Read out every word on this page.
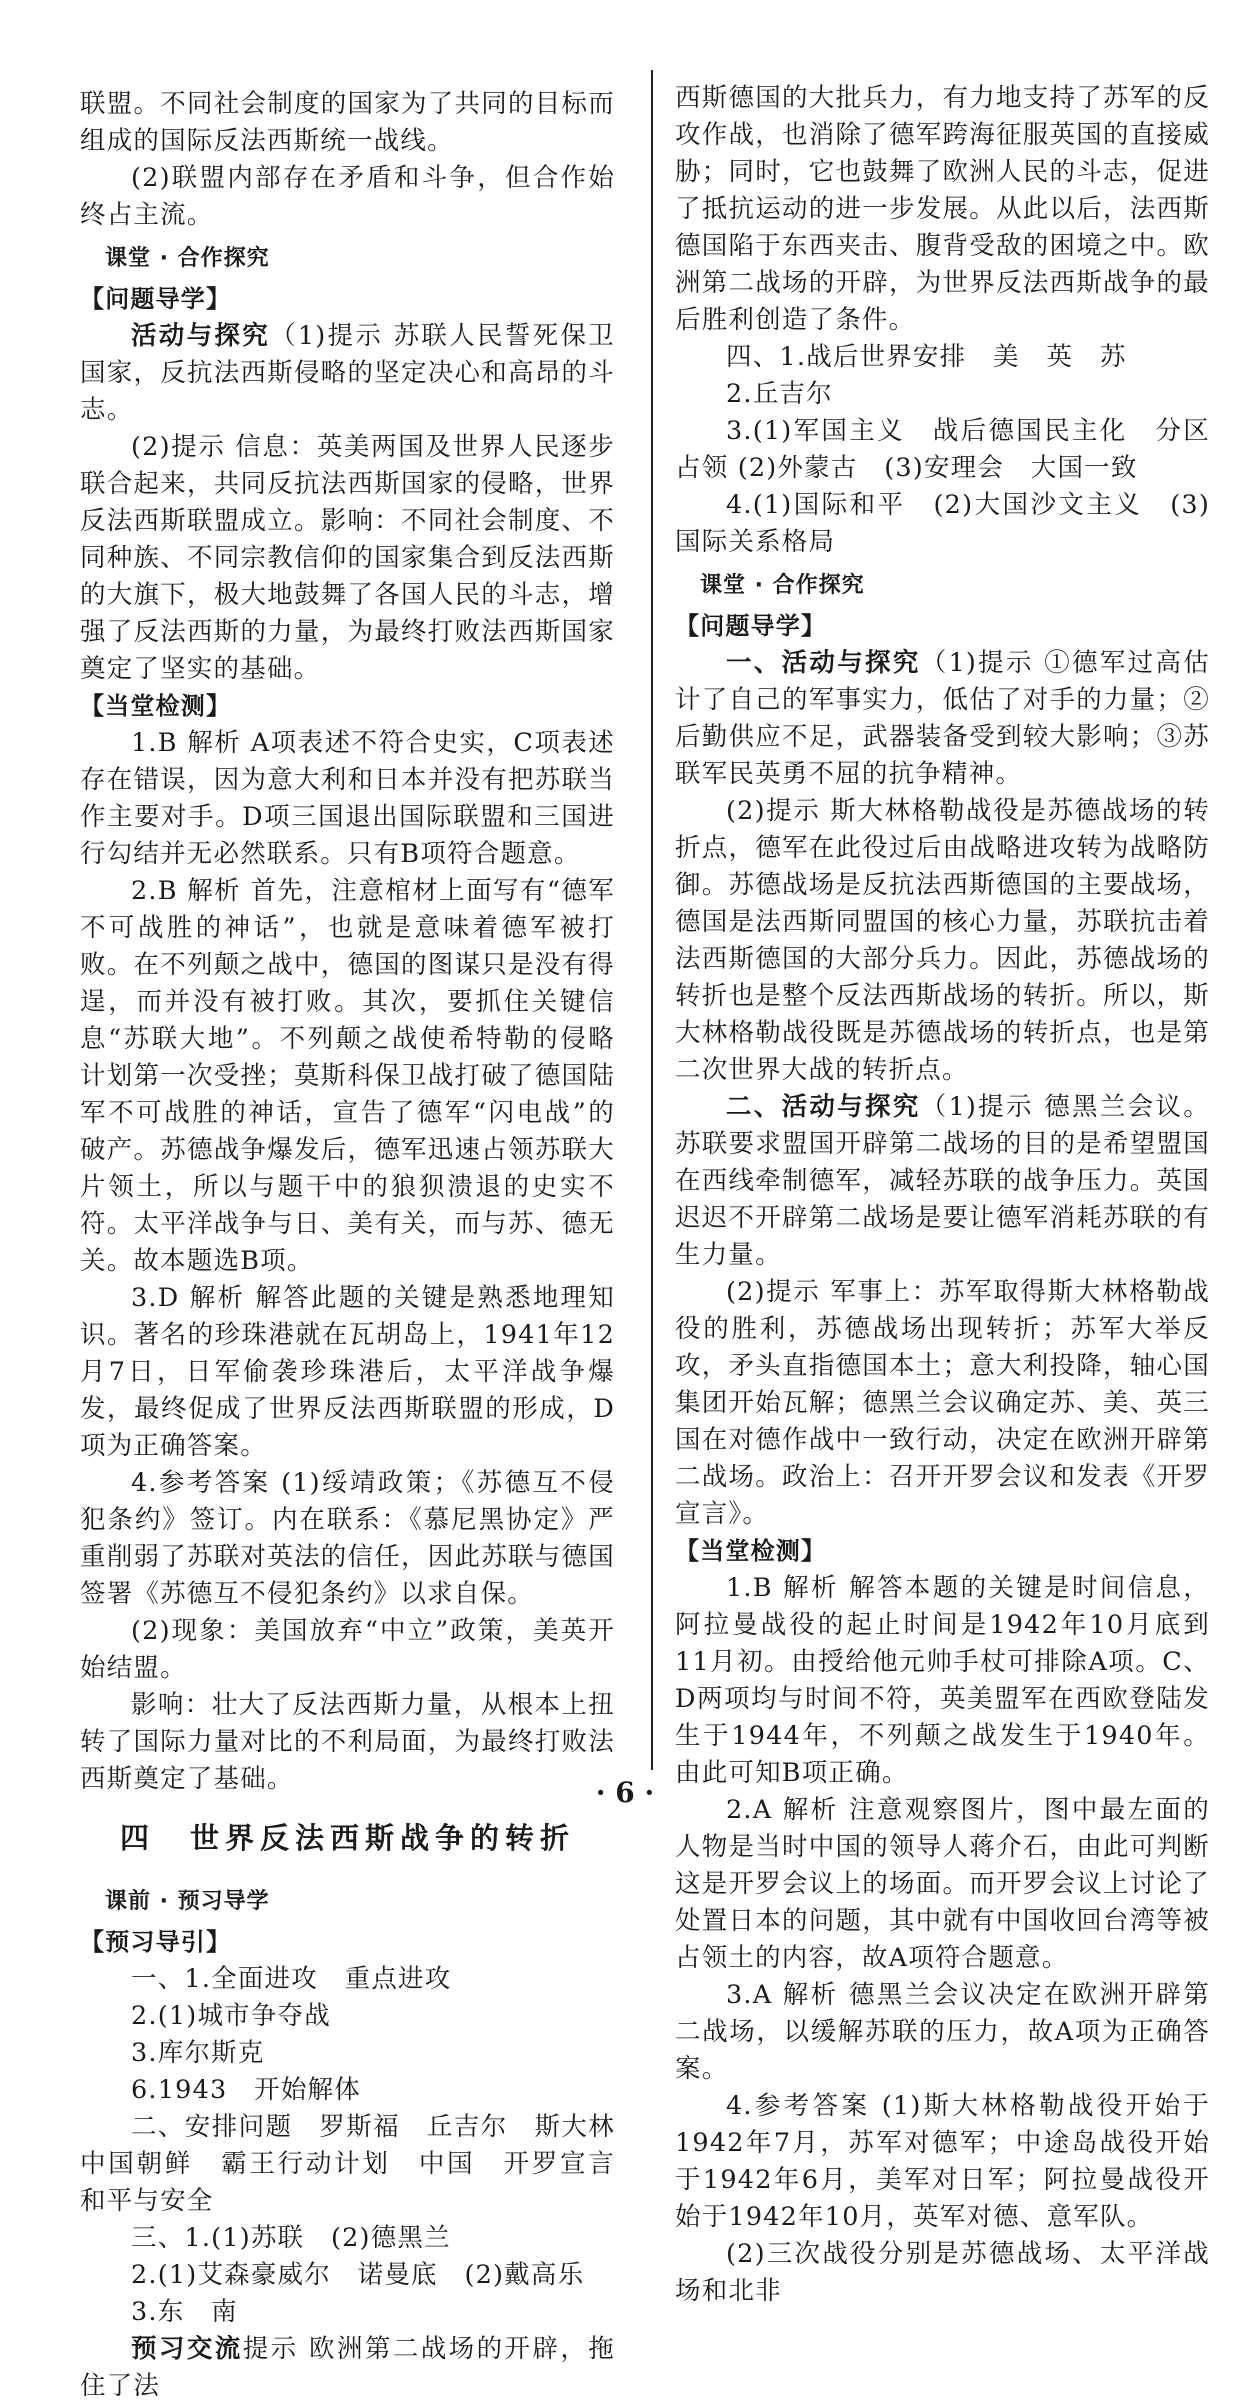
联盟。不同社会制度的国家为了共同的目标而组成的国际反法西斯统一战线。

(2)联盟内部存在矛盾和斗争，但合作始终占主流。

课堂 · 合作探究

【问题导学】

活动与探究（1)提示 苏联人民誓死保卫国家，反抗法西斯侵略的坚定决心和高昂的斗志。

(2)提示 信息：英美两国及世界人民逐步联合起来，共同反抗法西斯国家的侵略，世界反法西斯联盟成立。影响：不同社会制度、不同种族、不同宗教信仰的国家集合到反法西斯的大旗下，极大地鼓舞了各国人民的斗志，增强了反法西斯的力量，为最终打败法西斯国家奠定了坚实的基础。

【当堂检测】

1.B 解析 A项表述不符合史实，C项表述存在错误，因为意大利和日本并没有把苏联当作主要对手。D项三国退出国际联盟和三国进行勾结并无必然联系。只有B项符合题意。

2.B 解析 首先，注意棺材上面写有“德军不可战胜的神话”，也就是意味着德军被打败。在不列颠之战中，德国的图谋只是没有得逞，而并没有被打败。其次，要抓住关键信息“苏联大地”。不列颠之战使希特勒的侵略计划第一次受挫；莫斯科保卫战打破了德国陆军不可战胜的神话，宣告了德军“闪电战”的破产。苏德战争爆发后，德军迅速占领苏联大片领土，所以与题干中的狼狈溃退的史实不符。太平洋战争与日、美有关，而与苏、德无关。故本题选B项。

3.D 解析 解答此题的关键是熟悉地理知识。著名的珍珠港就在瓦胡岛上，1941年12月7日，日军偷袭珍珠港后，太平洋战争爆发，最终促成了世界反法西斯联盟的形成，D项为正确答案。

4.参考答案 (1)绥靖政策；《苏德互不侵犯条约》签订。内在联系：《慕尼黑协定》严重削弱了苏联对英法的信任，因此苏联与德国签署《苏德互不侵犯条约》以求自保。

(2)现象：美国放弃“中立”政策，美英开始结盟。

影响：壮大了反法西斯力量，从根本上扭转了国际力量对比的不利局面，为最终打败法西斯奠定了基础。

四　世界反法西斯战争的转折
课前 · 预习导学

【预习导引】

一、1.全面进攻　重点进攻

2.(1)城市争夺战

3.库尔斯克

6.1943　开始解体

二、安排问题　罗斯福　丘吉尔　斯大林　中国朝鲜　霸王行动计划　中国　开罗宣言　和平与安全

三、1.(1)苏联　(2)德黑兰

2.(1)艾森豪威尔　诺曼底　(2)戴高乐

3.东　南

预习交流提示 欧洲第二战场的开辟，拖住了法

西斯德国的大批兵力，有力地支持了苏军的反攻作战，也消除了德军跨海征服英国的直接威胁；同时，它也鼓舞了欧洲人民的斗志，促进了抵抗运动的进一步发展。从此以后，法西斯德国陷于东西夹击、腹背受敌的困境之中。欧洲第二战场的开辟，为世界反法西斯战争的最后胜利创造了条件。

四、1.战后世界安排　美　英　苏

2.丘吉尔

3.(1)军国主义　战后德国民主化　分区占领 (2)外蒙古　(3)安理会　大国一致

4.(1)国际和平　(2)大国沙文主义　(3)国际关系格局

课堂 · 合作探究

【问题导学】

一、活动与探究（1)提示 ①德军过高估计了自己的军事实力，低估了对手的力量；②后勤供应不足，武器装备受到较大影响；③苏联军民英勇不屈的抗争精神。

(2)提示 斯大林格勒战役是苏德战场的转折点，德军在此役过后由战略进攻转为战略防御。苏德战场是反抗法西斯德国的主要战场，德国是法西斯同盟国的核心力量，苏联抗击着法西斯德国的大部分兵力。因此，苏德战场的转折也是整个反法西斯战场的转折。所以，斯大林格勒战役既是苏德战场的转折点，也是第二次世界大战的转折点。

二、活动与探究（1)提示 德黑兰会议。苏联要求盟国开辟第二战场的目的是希望盟国在西线牵制德军，减轻苏联的战争压力。英国迟迟不开辟第二战场是要让德军消耗苏联的有生力量。

(2)提示 军事上：苏军取得斯大林格勒战役的胜利，苏德战场出现转折；苏军大举反攻，矛头直指德国本土；意大利投降，轴心国集团开始瓦解；德黑兰会议确定苏、美、英三国在对德作战中一致行动，决定在欧洲开辟第二战场。政治上：召开开罗会议和发表《开罗宣言》。

【当堂检测】

1.B 解析 解答本题的关键是时间信息，阿拉曼战役的起止时间是1942年10月底到11月初。由授给他元帅手杖可排除A项。C、D两项均与时间不符，英美盟军在西欧登陆发生于1944年，不列颠之战发生于1940年。由此可知B项正确。

2.A 解析 注意观察图片，图中最左面的人物是当时中国的领导人蒋介石，由此可判断这是开罗会议上的场面。而开罗会议上讨论了处置日本的问题，其中就有中国收回台湾等被占领土的内容，故A项符合题意。

3.A 解析 德黑兰会议决定在欧洲开辟第二战场，以缓解苏联的压力，故A项为正确答案。

4.参考答案 (1)斯大林格勒战役开始于1942年7月，苏军对德军；中途岛战役开始于1942年6月，美军对日军；阿拉曼战役开始于1942年10月，英军对德、意军队。

(2)三次战役分别是苏德战场、太平洋战场和北非

· 6 ·
